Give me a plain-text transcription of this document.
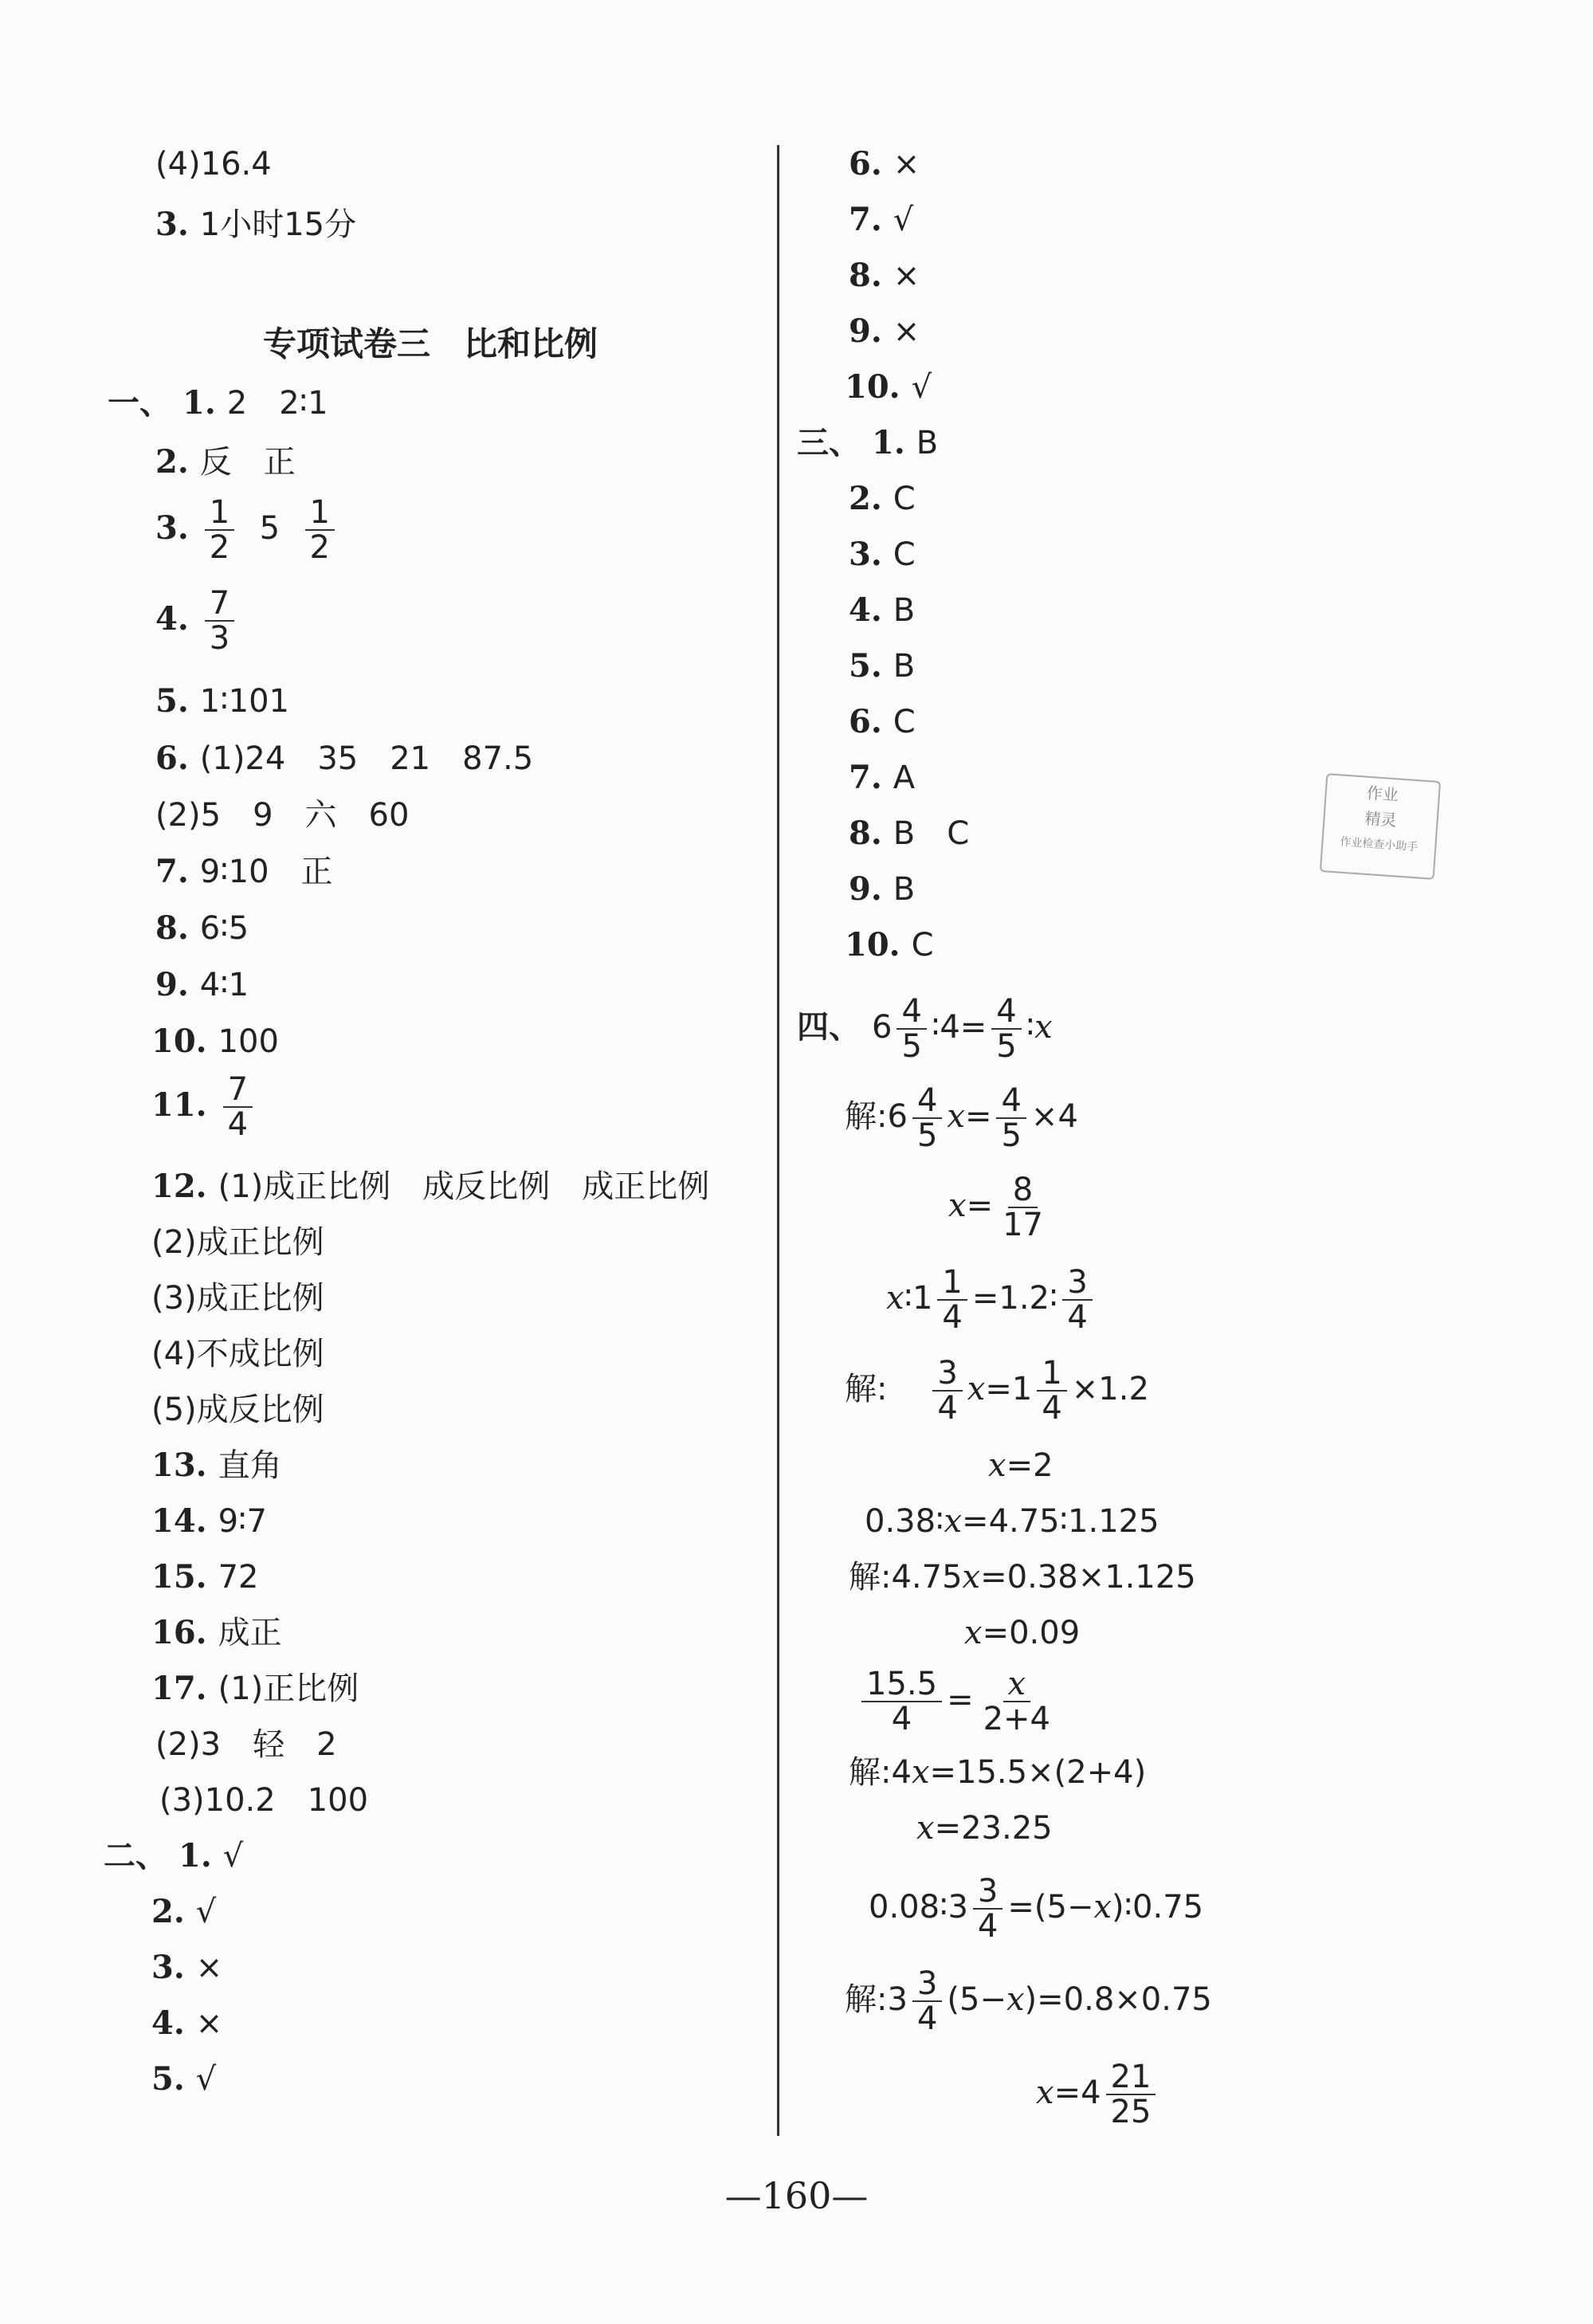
(4)16.4
3. 1小时15分
专项试卷三　比和比例
一、 1. 2　2∶1
2. 反　正
3. $\frac{1}{2} 5 \frac{1}{2}$
4. $\frac{7}{3}$
5. 1∶101
6. (1)24　35　21　87.5
(2)5　9　六　60
7. 9∶10　正
8. 6∶5
9. 4∶1
10. 100
11. $\frac{7}{4}$
12. (1)成正比例　成反比例　成正比例
(2)成正比例
(3)成正比例
(4)不成比例
(5)成反比例
13. 直角
14. 9∶7
15. 72
16. 成正
17. (1)正比例
(2)3　轻　2
(3)10.2　100
二、 1. √
2. √
3. ×
4. ×
5. √
6. ×
7. √
8. ×
9. ×
10. √
三、 1. B
2. C
3. C
4. B
5. B
6. C
7. A
8. B　C
9. B
10. C
四、 $6 \frac{4}{5}$ ∶4= $\frac{4}{5}$ ∶x
解:6 $\frac{4}{5} x= \frac{4}{5} \times 4$
$x= \frac{8}{17}$
x∶1 $\frac{1}{4}$ =1.2∶ $\frac{3}{4}$
解: $\frac{3}{4} x=1 \frac{1}{4} \times 1.2$
x=2
0.38∶x=4.75∶1.125
解:4.75x=0.38×1.125
x=0.09
$\frac{15.5}{4} = \frac{x}{2+4}$
解:4x=15.5×(2+4)
x=23.25
0.08∶3 $\frac{3}{4}$ =(5−x)∶0.75
解:3 $\frac{3}{4} (5-x)=0.8\times 0.75$
$x=4 \frac{21}{25}$
作业
精灵
作业检查小助手
—160—
